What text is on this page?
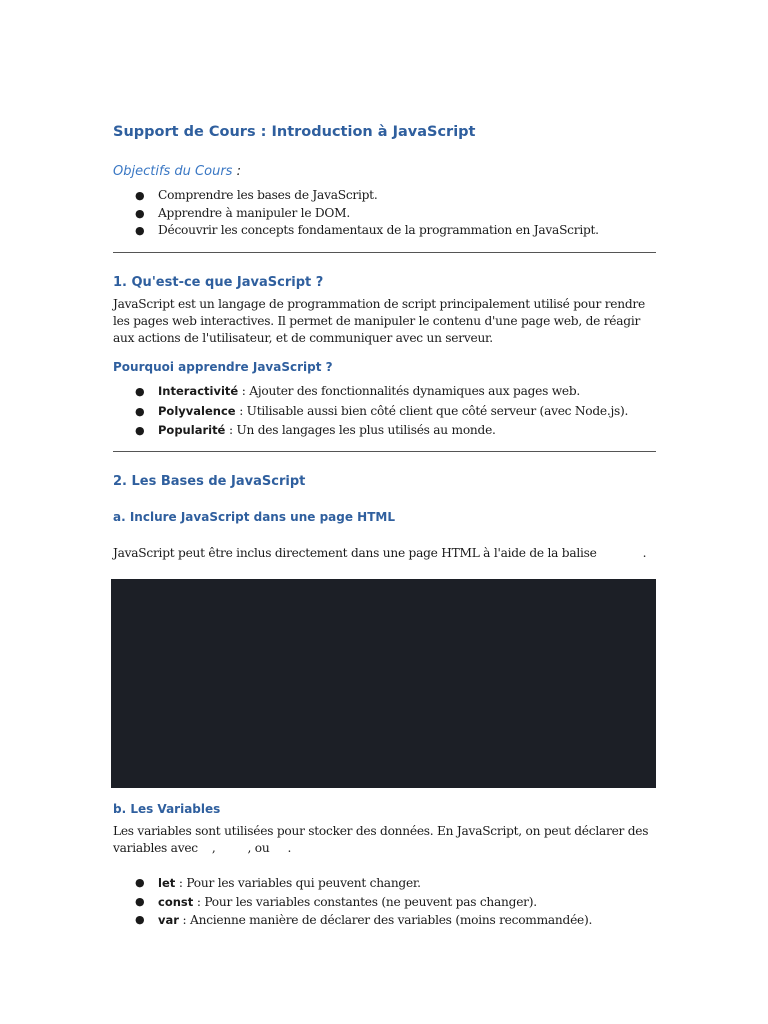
Support de Cours : Introduction à JavaScript
Objectifs du Cours :
● Comprendre les bases de JavaScript.
● Apprendre à manipuler le DOM.
● Découvrir les concepts fondamentaux de la programmation en JavaScript.
1. Qu'est-ce que JavaScript ?

JavaScript est un langage de programmation de script principalement utilisé pour rendre les pages web interactives. Il permet de manipuler le contenu d'une page web, de réagir aux actions de l'utilisateur, et de communiquer avec un serveur.

Pourquoi apprendre JavaScript ?
● Interactivité : Ajouter des fonctionnalités dynamiques aux pages web.
● Polyvalence : Utilisable aussi bien côté client que côté serveur (avec Node.js).
● Popularité : Un des langages les plus utilisés au monde.
2. Les Bases de JavaScript
a. Inclure JavaScript dans une page HTML

JavaScript peut être inclus directement dans une page HTML à l'aide de la balise	.

b. Les Variables

Les variables sont utilisées pour stocker des données. En JavaScript, on peut déclarer des
variables avec ,	, ou .

● let : Pour les variables qui peuvent changer.
● const : Pour les variables constantes (ne peuvent pas changer).
● var : Ancienne manière de déclarer des variables (moins recommandée).
